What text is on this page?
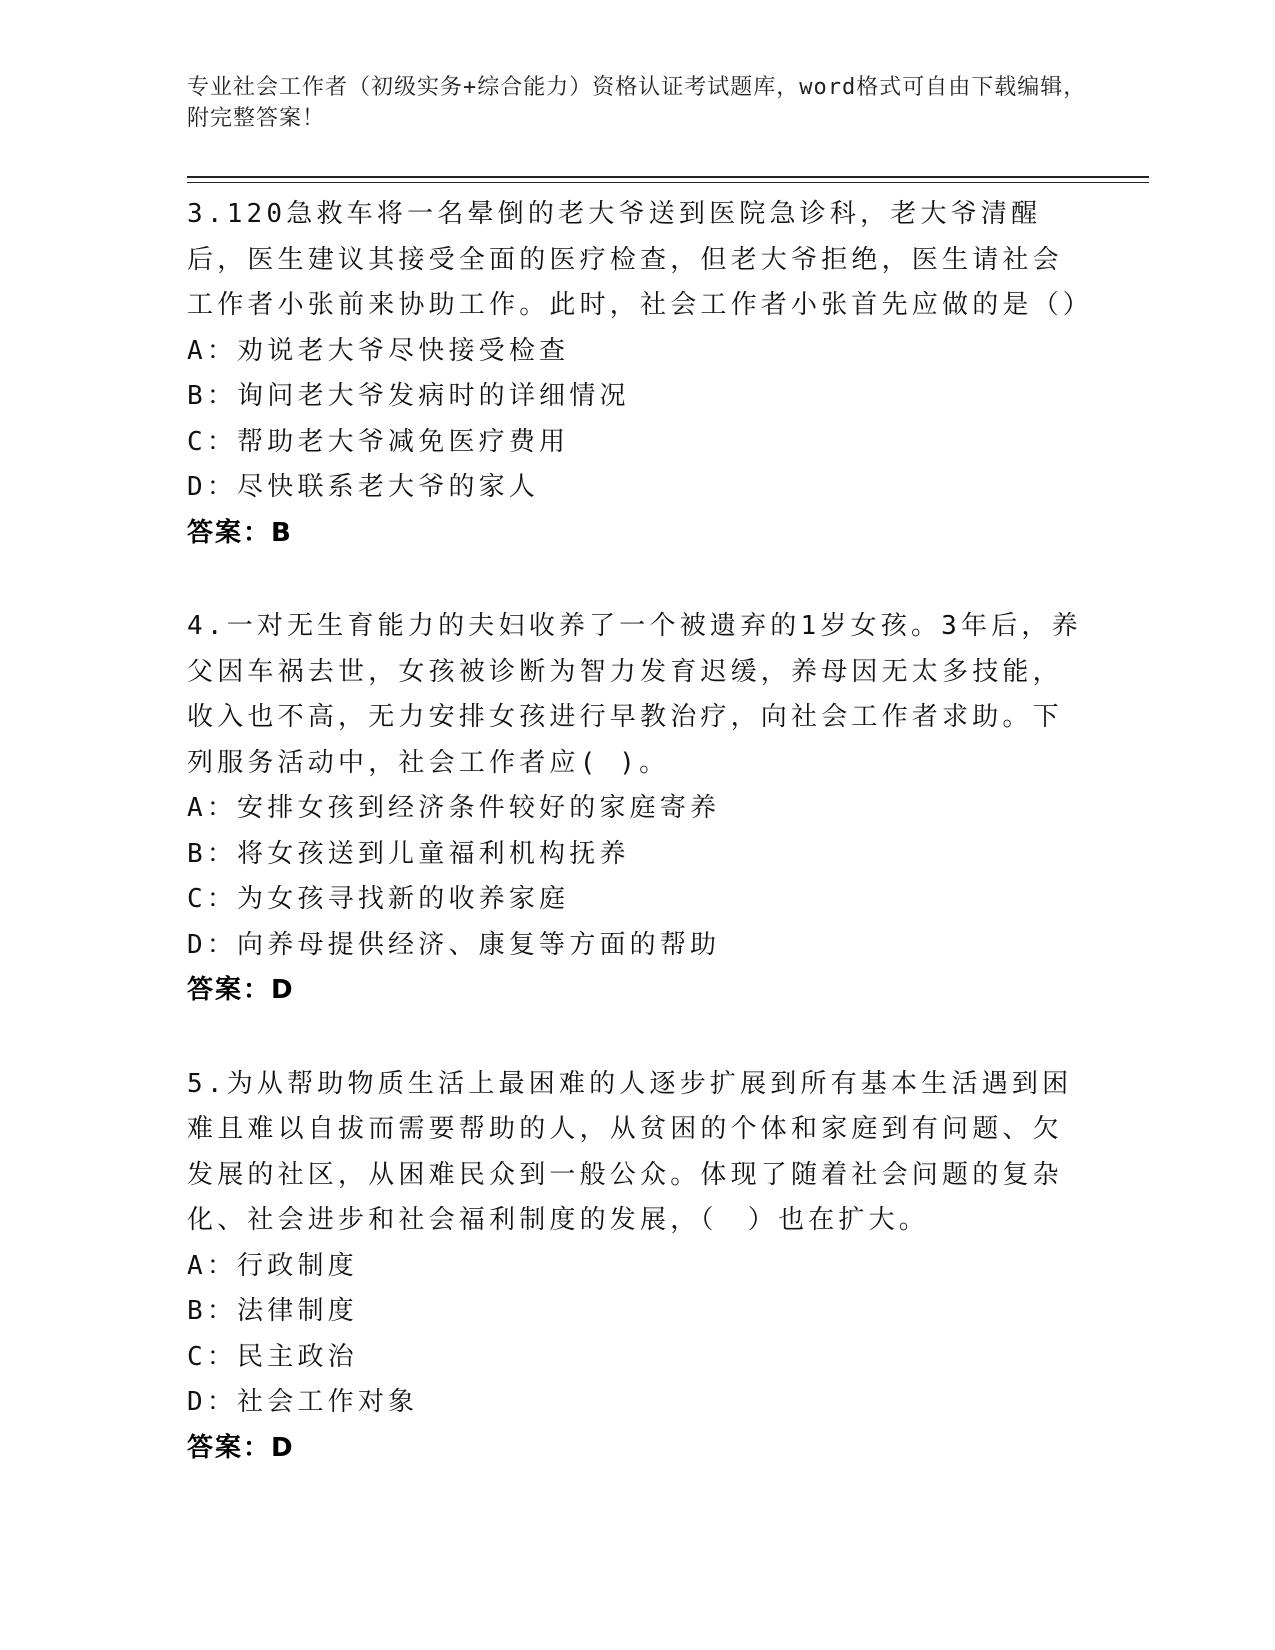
专业社会工作者（初级实务+综合能力）资格认证考试题库，word格式可自由下载编辑，附完整答案！
3.120急救车将一名晕倒的老大爷送到医院急诊科，老大爷清醒后，医生建议其接受全面的医疗检查，但老大爷拒绝，医生请社会工作者小张前来协助工作。此时，社会工作者小张首先应做的是（）
A：劝说老大爷尽快接受检查
B：询问老大爷发病时的详细情况
C：帮助老大爷减免医疗费用
D：尽快联系老大爷的家人
答案：B
4.一对无生育能力的夫妇收养了一个被遗弃的1岁女孩。3年后，养父因车祸去世，女孩被诊断为智力发育迟缓，养母因无太多技能，收入也不高，无力安排女孩进行早教治疗，向社会工作者求助。下列服务活动中，社会工作者应( )。
A：安排女孩到经济条件较好的家庭寄养
B：将女孩送到儿童福利机构抚养
C：为女孩寻找新的收养家庭
D：向养母提供经济、康复等方面的帮助
答案：D
5.为从帮助物质生活上最困难的人逐步扩展到所有基本生活遇到困难且难以自拔而需要帮助的人，从贫困的个体和家庭到有问题、欠发展的社区，从困难民众到一般公众。体现了随着社会问题的复杂化、社会进步和社会福利制度的发展，（　）也在扩大。
A：行政制度
B：法律制度
C：民主政治
D：社会工作对象
答案：D
